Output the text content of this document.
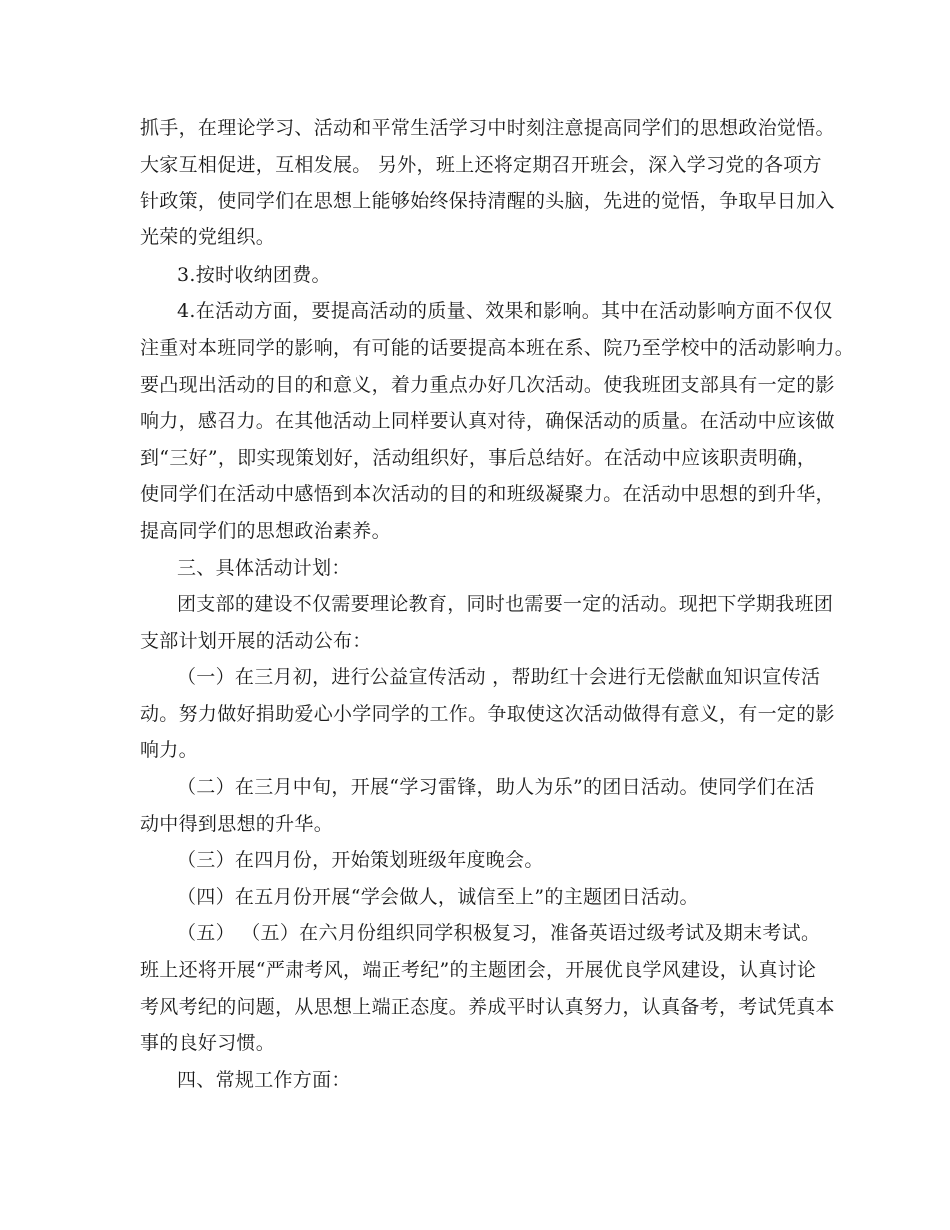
抓手，在理论学习、活动和平常生活学习中时刻注意提高同学们的思想政治觉悟。
大家互相促进，互相发展。 另外，班上还将定期召开班会，深入学习党的各项方
针政策，使同学们在思想上能够始终保持清醒的头脑，先进的觉悟，争取早日加入
光荣的党组织。
3.按时收纳团费。
4.在活动方面，要提高活动的质量、效果和影响。其中在活动影响方面不仅仅
注重对本班同学的影响，有可能的话要提高本班在系、院乃至学校中的活动影响力。
要凸现出活动的目的和意义，着力重点办好几次活动。使我班团支部具有一定的影
响力，感召力。在其他活动上同样要认真对待，确保活动的质量。在活动中应该做
到“三好”，即实现策划好，活动组织好，事后总结好。在活动中应该职责明确，
使同学们在活动中感悟到本次活动的目的和班级凝聚力。在活动中思想的到升华，
提高同学们的思想政治素养。
三、具体活动计划：
团支部的建设不仅需要理论教育，同时也需要一定的活动。现把下学期我班团
支部计划开展的活动公布：
（一）在三月初，进行公益宣传活动 ，帮助红十会进行无偿献血知识宣传活
动。努力做好捐助爱心小学同学的工作。争取使这次活动做得有意义，有一定的影
响力。
（二）在三月中旬，开展“学习雷锋，助人为乐”的团日活动。使同学们在活
动中得到思想的升华。
（三）在四月份，开始策划班级年度晚会。
（四）在五月份开展“学会做人，诚信至上”的主题团日活动。
（五） （五）在六月份组织同学积极复习，准备英语过级考试及期末考试。
班上还将开展“严肃考风，端正考纪”的主题团会，开展优良学风建设，认真讨论
考风考纪的问题，从思想上端正态度。养成平时认真努力，认真备考，考试凭真本
事的良好习惯。
四、常规工作方面：
